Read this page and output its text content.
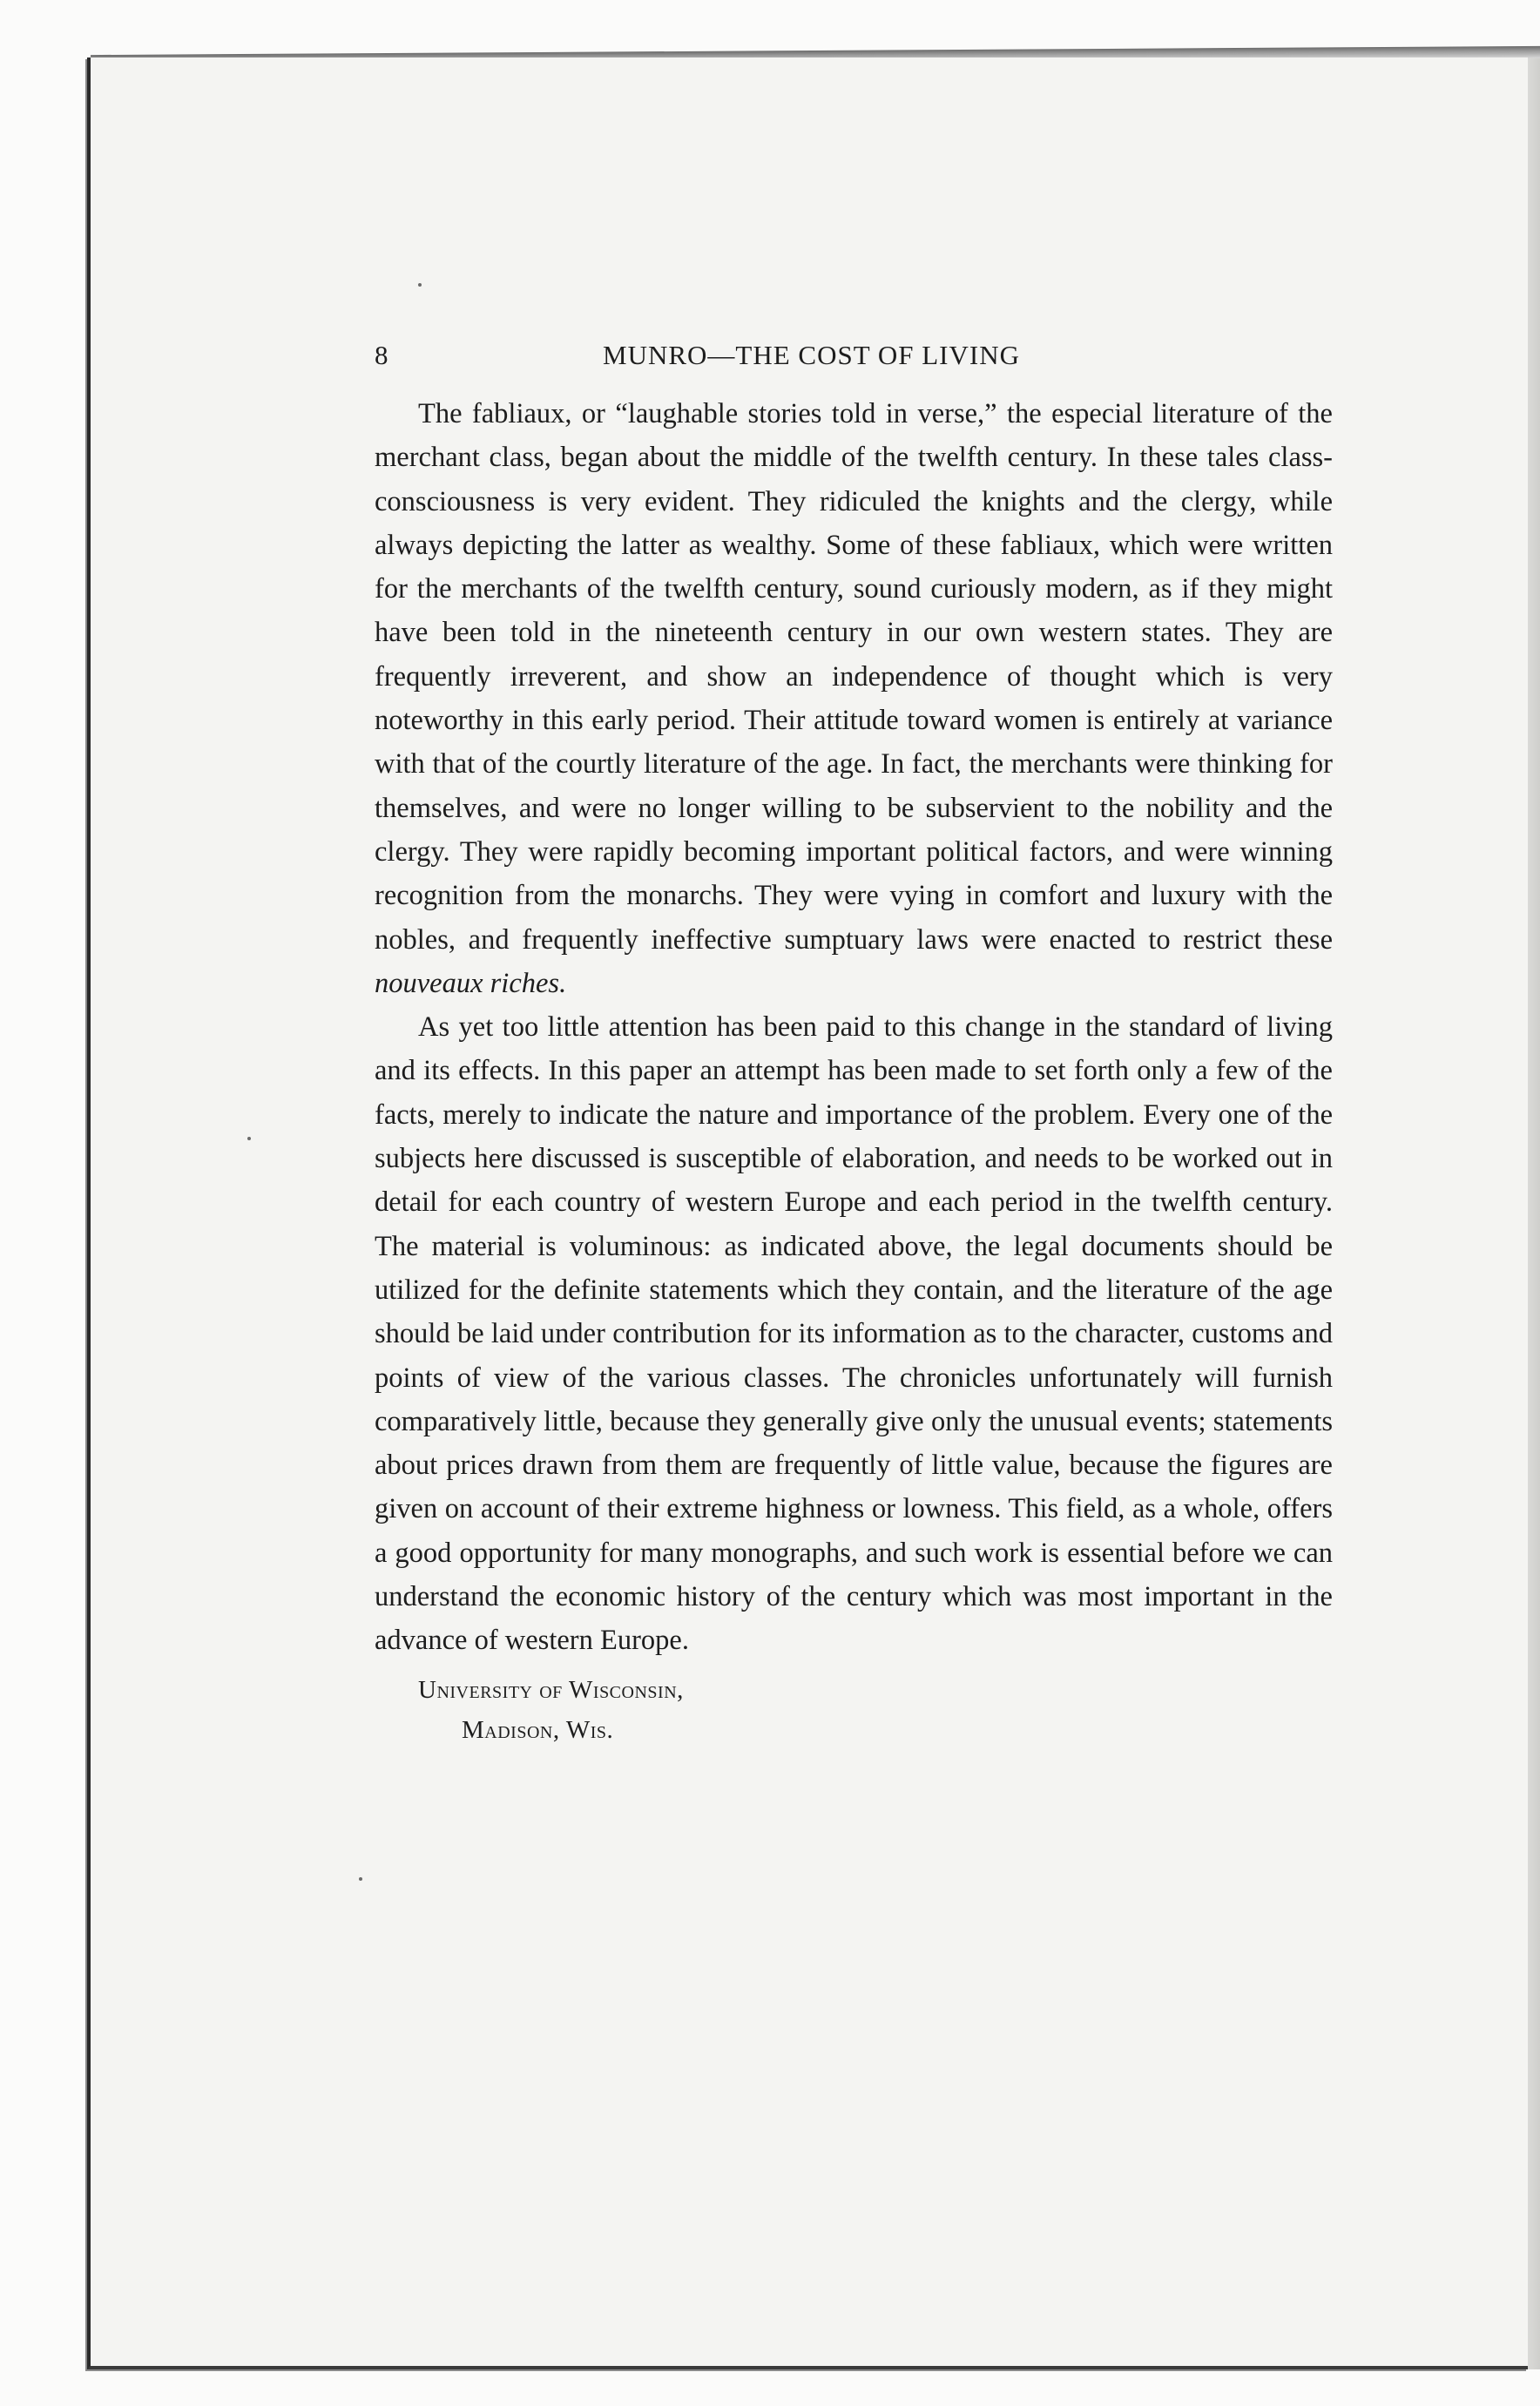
8	MUNRO—THE COST OF LIVING

The fabliaux, or “laughable stories told in verse,” the especial literature of the merchant class, began about the middle of the twelfth century. In these tales class-consciousness is very evident. They ridiculed the knights and the clergy, while always depicting the latter as wealthy. Some of these fabliaux, which were written for the merchants of the twelfth century, sound curiously modern, as if they might have been told in the nineteenth century in our own western states. They are frequently irreverent, and show an independence of thought which is very noteworthy in this early period. Their attitude toward women is entirely at variance with that of the courtly literature of the age. In fact, the merchants were thinking for themselves, and were no longer willing to be subservient to the nobility and the clergy. They were rapidly becoming important political factors, and were winning recognition from the monarchs. They were vying in comfort and luxury with the nobles, and frequently ineffective sumptuary laws were enacted to restrict these nouveaux riches.

As yet too little attention has been paid to this change in the standard of living and its effects. In this paper an attempt has been made to set forth only a few of the facts, merely to indicate the nature and importance of the problem. Every one of the subjects here discussed is susceptible of elaboration, and needs to be worked out in detail for each country of western Europe and each period in the twelfth century. The material is voluminous: as indicated above, the legal documents should be utilized for the definite statements which they contain, and the literature of the age should be laid under contribution for its information as to the character, customs and points of view of the various classes. The chronicles unfortunately will furnish comparatively little, because they generally give only the unusual events; statements about prices drawn from them are frequently of little value, because the figures are given on account of their extreme highness or lowness. This field, as a whole, offers a good opportunity for many monographs, and such work is essential before we can understand the economic history of the century which was most important in the advance of western Europe.

University of Wisconsin,
Madison, Wis.
